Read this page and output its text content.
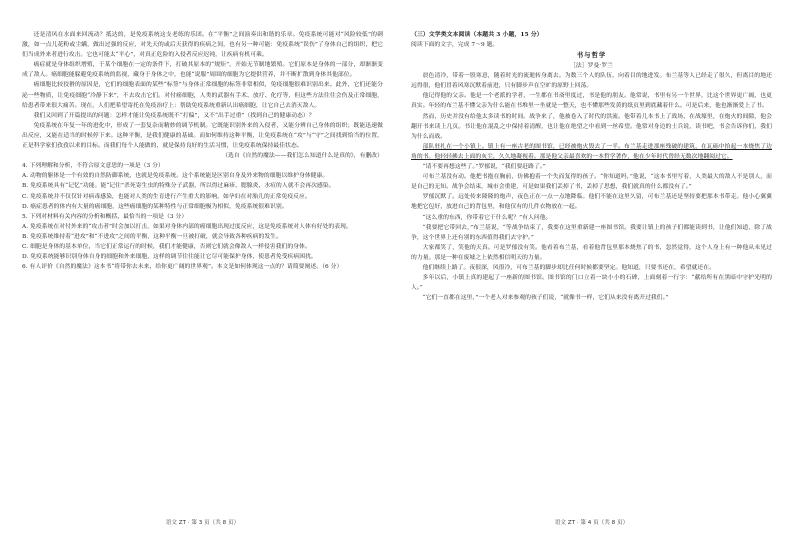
还是清风在水面来回流动？抵达的，是免疫系统这支老练的乐团。在“平衡”之间演奏出和谐的乐章。免疫系统可能对“风险较低”的刺激，如一点儿花粉或尘螨，做出过强的反应，对先天的或后天获得的疾病之间，也有另一种可能：免疫系统“误伤”了身体自己的组织，把它们当成外来者进行攻击。它也可能太“平心”，对真正危险的入侵者反应迟钝，让疾病有机可乘。

癌症就是身体组织增殖，于某个细胞在一定的条件下，打破其原本的“规矩”，开始无节制地繁殖。它们原本是身体的一部分，却渐渐变成了敌人。癌细胞能躲避免疫系统的监视，藏身于身体之中，也能“说服”周围的细胞为它提供营养，并不断扩散到身体其他部位。

癌细胞比较狡猾的原因是，它们的细胞表面的某些“标签”与身体正常细胞的标签非常相似，免疫细胞很难识别出来。此外，它们还能分泌一些物质，让免疫细胞“冷静下来”，不去攻击它们。对付癌细胞，人类的武器有手术、放疗、化疗等，但这些方法往往会伤及正常细胞，给患者带来很大痛苦。现在，人们把希望寄托在免疫治疗上：帮助免疫系统重新认出癌细胞，让它自己去消灭敌人。

我们又回到了开篇提出的问题：怎样才能让免疫系统既不“打偏”，又不“出手过重”（找到自己的健康动态）？

免疫系统在年复一年的进化中，形成了一套复杂而精妙的调节机制。它既能识别外来的入侵者，又能分辨自己身体的组织；既能迅速做出反应，又能在适当的时候停下来。这种平衡，是我们健康的基础。而如何维持这种平衡，让免疫系统在“攻”与“守”之间找到恰当的位置，正是科学家们孜孜以求的目标。而我们每个人能做的，就是保持良好的生活习惯，让免疫系统保持最佳状态。

（选自《自然的魔法——我们怎么知道什么是真的》，有删改）

4. 下列理解和分析，不符合原文意思的一项是（3 分）

A. 动物的躯体是一个有效的自然防御系统，也就是免疫系统。这个系统能是区别自身及外来物的细胞以维护身体健康。

B. 免疫系统具有“记忆”功能。能“记住”杀死寄生虫的特殊分子武器，所以得过麻疹、腮腺炎、水痘的人就不会再次感染。

C. 免疫系统并不仅仅针对病毒感染，也能对人类的生育进行产生重大的影响，如孕妇在对胎儿的正常免疫反应。

D. 癌症患者的体内有大量的癌细胞，这些癌细胞的某种特性与正常细胞极为相似，免疫系统很难识别。

5. 下列对材料有关内容的分析和概括，最恰当的一项是（3 分）

A. 免疫系统在对付外来的“攻击者”时会加以打击，如果对身体内部的癌细胞出现过度反应，这是免疫系统对人体有好处的表现。

B. 免疫系统维持着“进攻”和“不进攻”之间的平衡，这种平衡一旦被打破，就会导致各种疾病的发生。

C. 细胞是身体的基本单位，当它们正常运行的时候，我们才能健康，否则它们就会像敌人一样侵害我们的身体。

D. 免疫系统能够识别身体自身的细胞和外来细胞，这样的调节往往能让它尽可能保护身体，使患者免受疾病困扰。

6. 有人评价《自然的魔法》这本书“将带你去未来，给你更广阔的世界观”。本文是如何体现这一点的？请简要阐述。（6 分）

语文 ZT · 第 3 页（共 8 页）

（三）文学类文本阅读（本题共 3 小题，15 分）

阅读下面的文字，完成 7～9 题。

书与哲学

［法］罗曼·罗兰

晨色清冷，带着一股寒意，随着时光的流逝转身离去。为数三个人的队伍，向着目的地进发。布兰基等人已经走了很久，但离目的地还远得很，他们冒着风寒沉默着前进，只有脚步声在空旷的原野上回荡。

他记得他的父亲。他是一个老派的学者，一生都在书斋里度过，书是他的朋友。他常说，书里有另一个世界，比这个世界更广阔，也更真实。年轻的布兰基不懂父亲为什么能在书堆里一坐就是一整天，也不懂那些发黄的纸页里到底藏着什么。可是后来，他也渐渐爱上了书。

然而，历史并没有给他太多读书的时间。战争来了，他被卷入了时代的洪流。他带着几本书上了战场，在战壕里，在炮火的间隙，他会翻开书来读上几页。书让他在混乱之中保持着清醒，也让他在绝望之中看到一丝希望。他常对身边的士兵说，读书吧，书会告诉你们，我们为什么而战。

部队驻扎在一个小镇上。镇上有一座古老的图书馆，已经被炮火毁去了一半。布兰基走进那座残破的建筑，在瓦砾中拾起一本烧焦了边角的书。他轻轻拂去上面的灰尘，久久地凝视着。那是他父亲最喜欢的一本哲学著作，他在少年时代曾经无数次地翻阅过它。

“请不要再想这些了。”罗郁说，“我们要赶路了。”

可布兰基没有动。他把书抱在胸前，仿佛抱着一个失而复得的孩子。“你知道吗，”他说，“这本书里写着，人类最大的敌人不是别人，而是自己的无知。战争会结束，城市会重建，可是如果我们丢掉了书，丢掉了思想，我们就真的什么都没有了。”

罗郁沉默了。远处传来隆隆的炮声，夜色正在一点一点地降临。他们不能在这里久留，可布兰基还是坚持要把那本书带走。他小心翼翼地把它包好，放进自己的背包里，和他仅有的几件衣物放在一起。

“这么重的东西，你带着它干什么呢？”有人问他。

“我要把它带回去，”布兰基说，“等战争结束了，我要在这里重新建一座图书馆。我要让镇上的孩子们都能读到书，让他们知道，除了战争，这个世界上还有别的东西值得我们去守护。”

大家都笑了，笑他的天真。可是罗郁没有笑。他看着布兰基，看着他背包里那本烧焦了的书，忽然觉得，这个人身上有一种他从未见过的力量。那是一种在废墟之上依然相信明天的力量。

他们继续上路了。夜很深，风很冷，可布兰基的脚步却比任何时候都要坚定。他知道，只要书还在，希望就还在。

多年以后，小镇上真的建起了一座新的图书馆。图书馆的门口立着一块小小的石碑，上面刻着一行字：“献给所有在黑暗中守护光明的人。”

“它们一直都在这里，”一个老人对来参观的孩子们说，“就像书一样，它们从来没有离开过我们。”

语文 ZT · 第 4 页（共 8 页）
